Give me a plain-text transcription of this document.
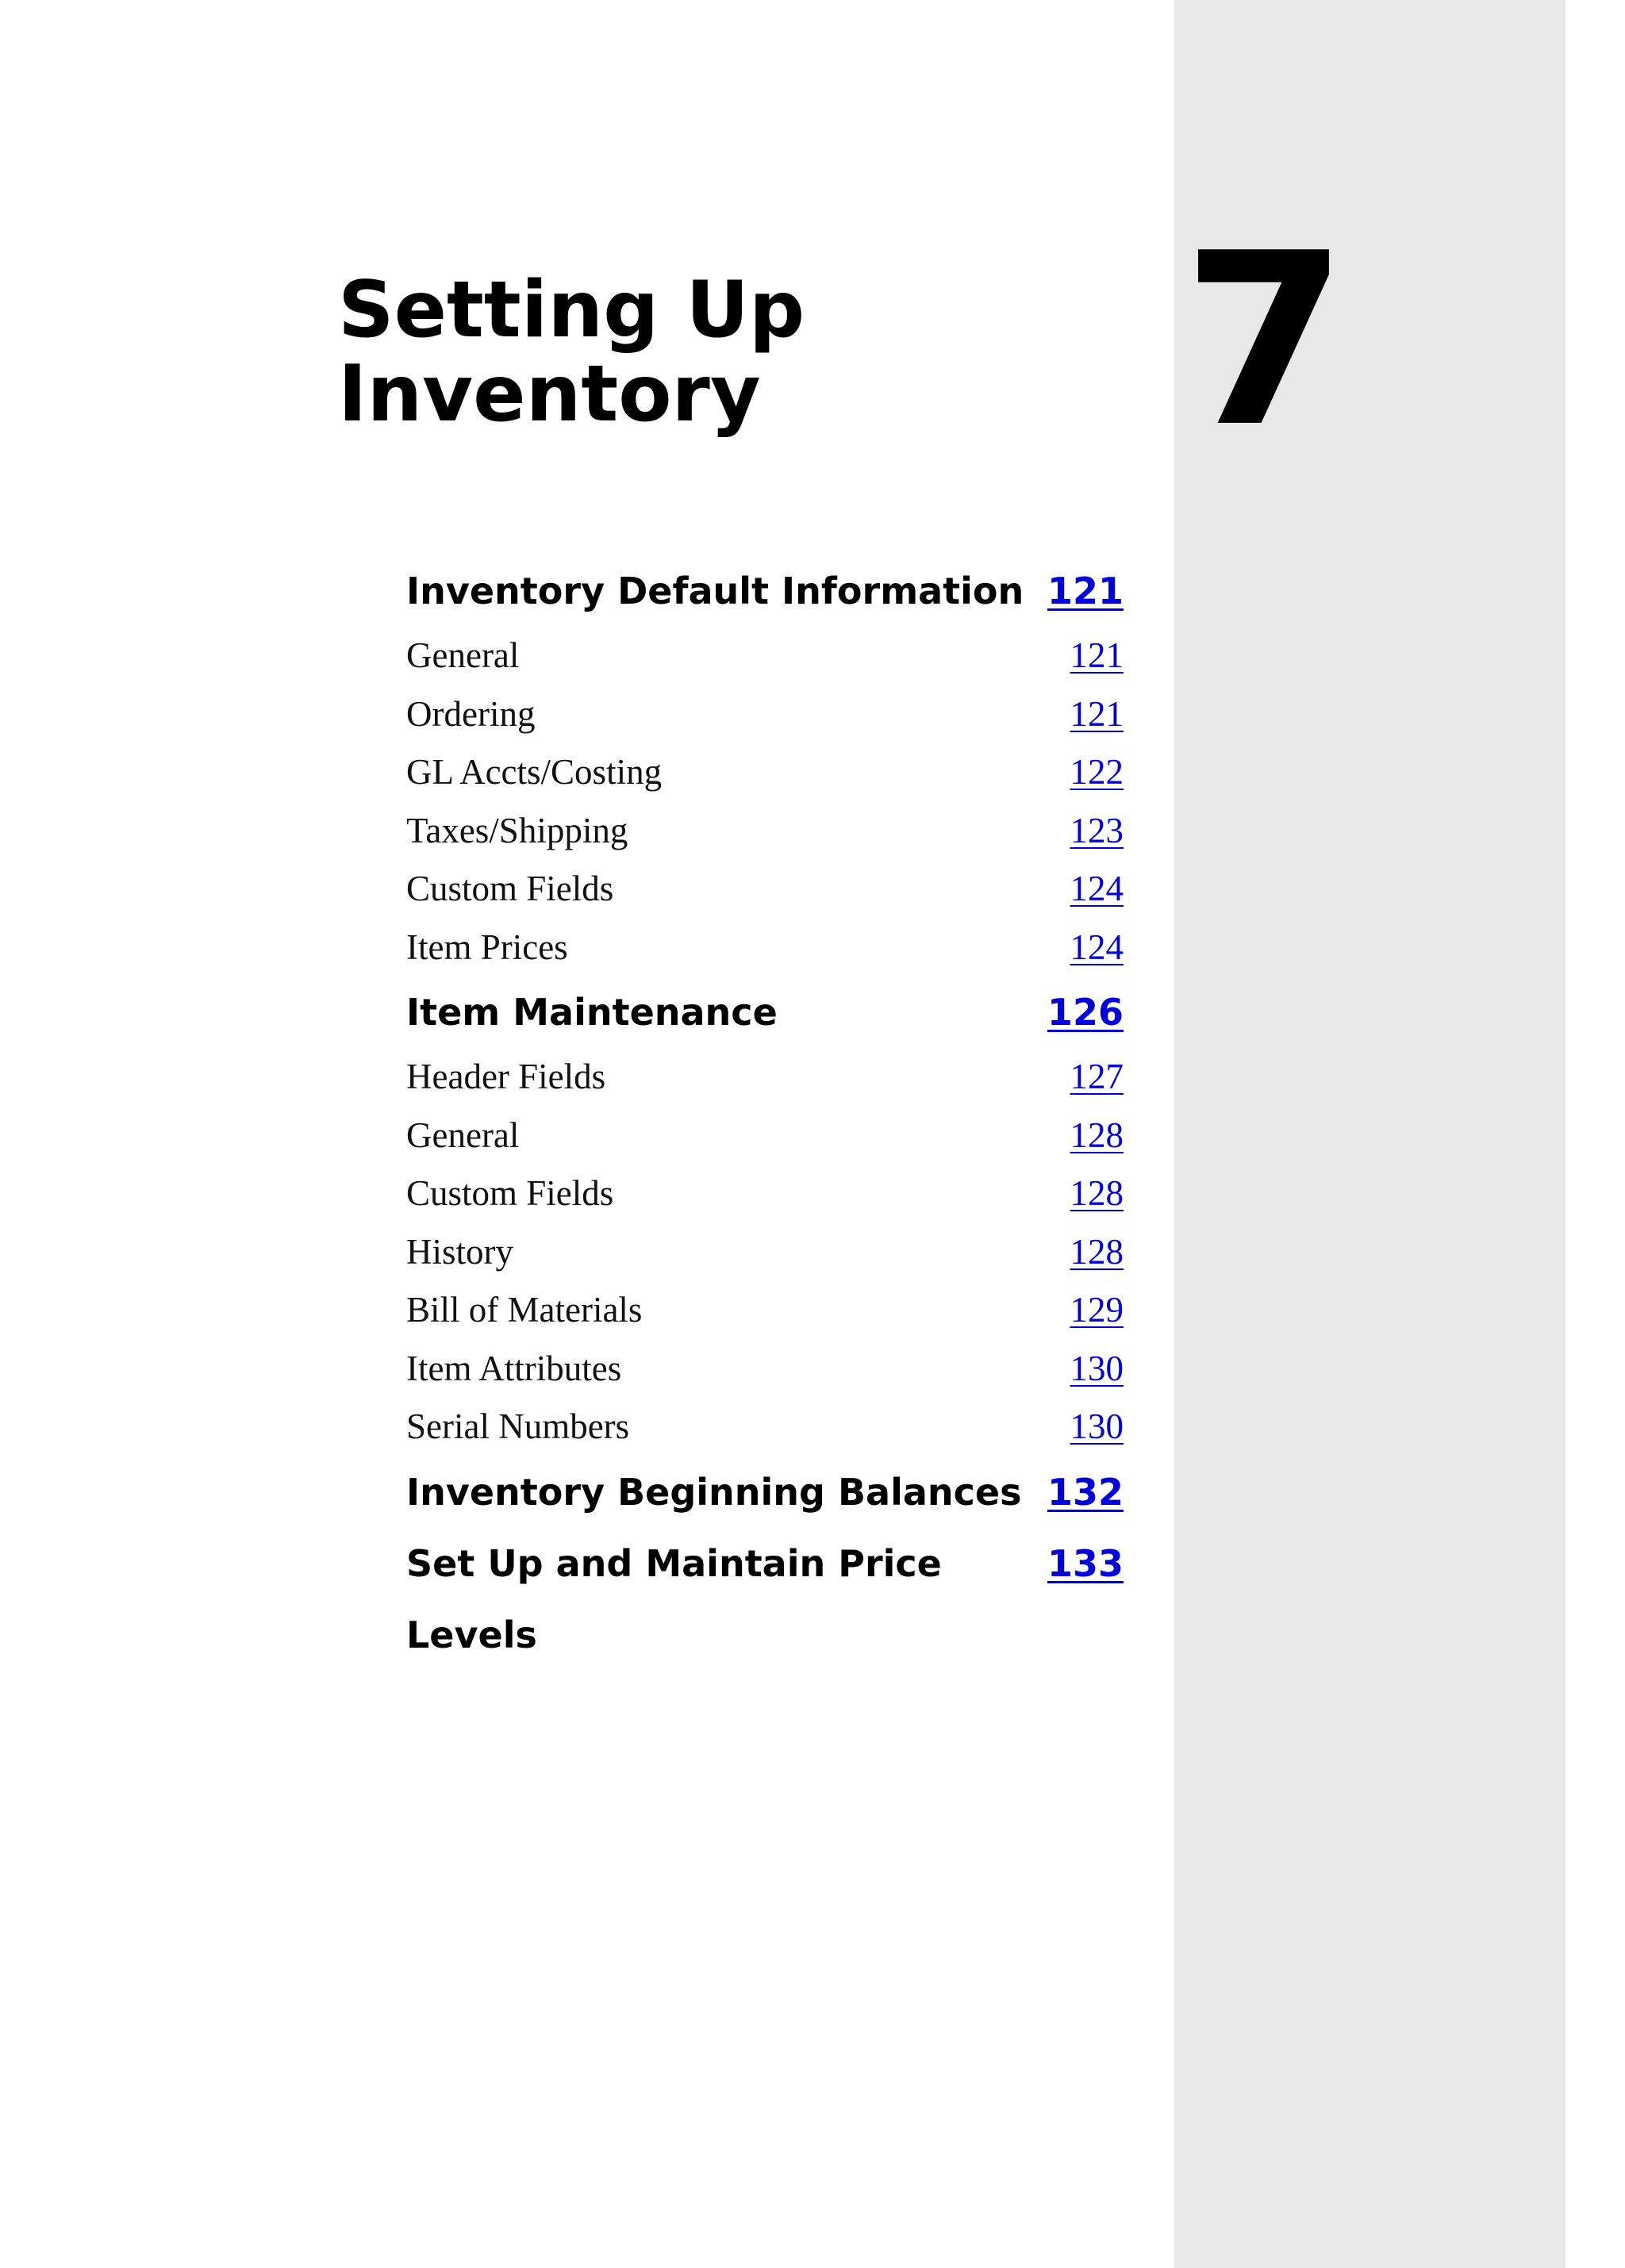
7
Setting Up
Inventory
Inventory Default Information 121
General	121
Ordering	121
GL Accts/Costing	122
Taxes/Shipping	123
Custom Fields	124
Item Prices	124
Item Maintenance	126
Header Fields	127
General	128
Custom Fields	128
History	128
Bill of Materials	129
Item Attributes	130
Serial Numbers	130
Inventory Beginning Balances 132
Set Up and Maintain Price Levels
133
